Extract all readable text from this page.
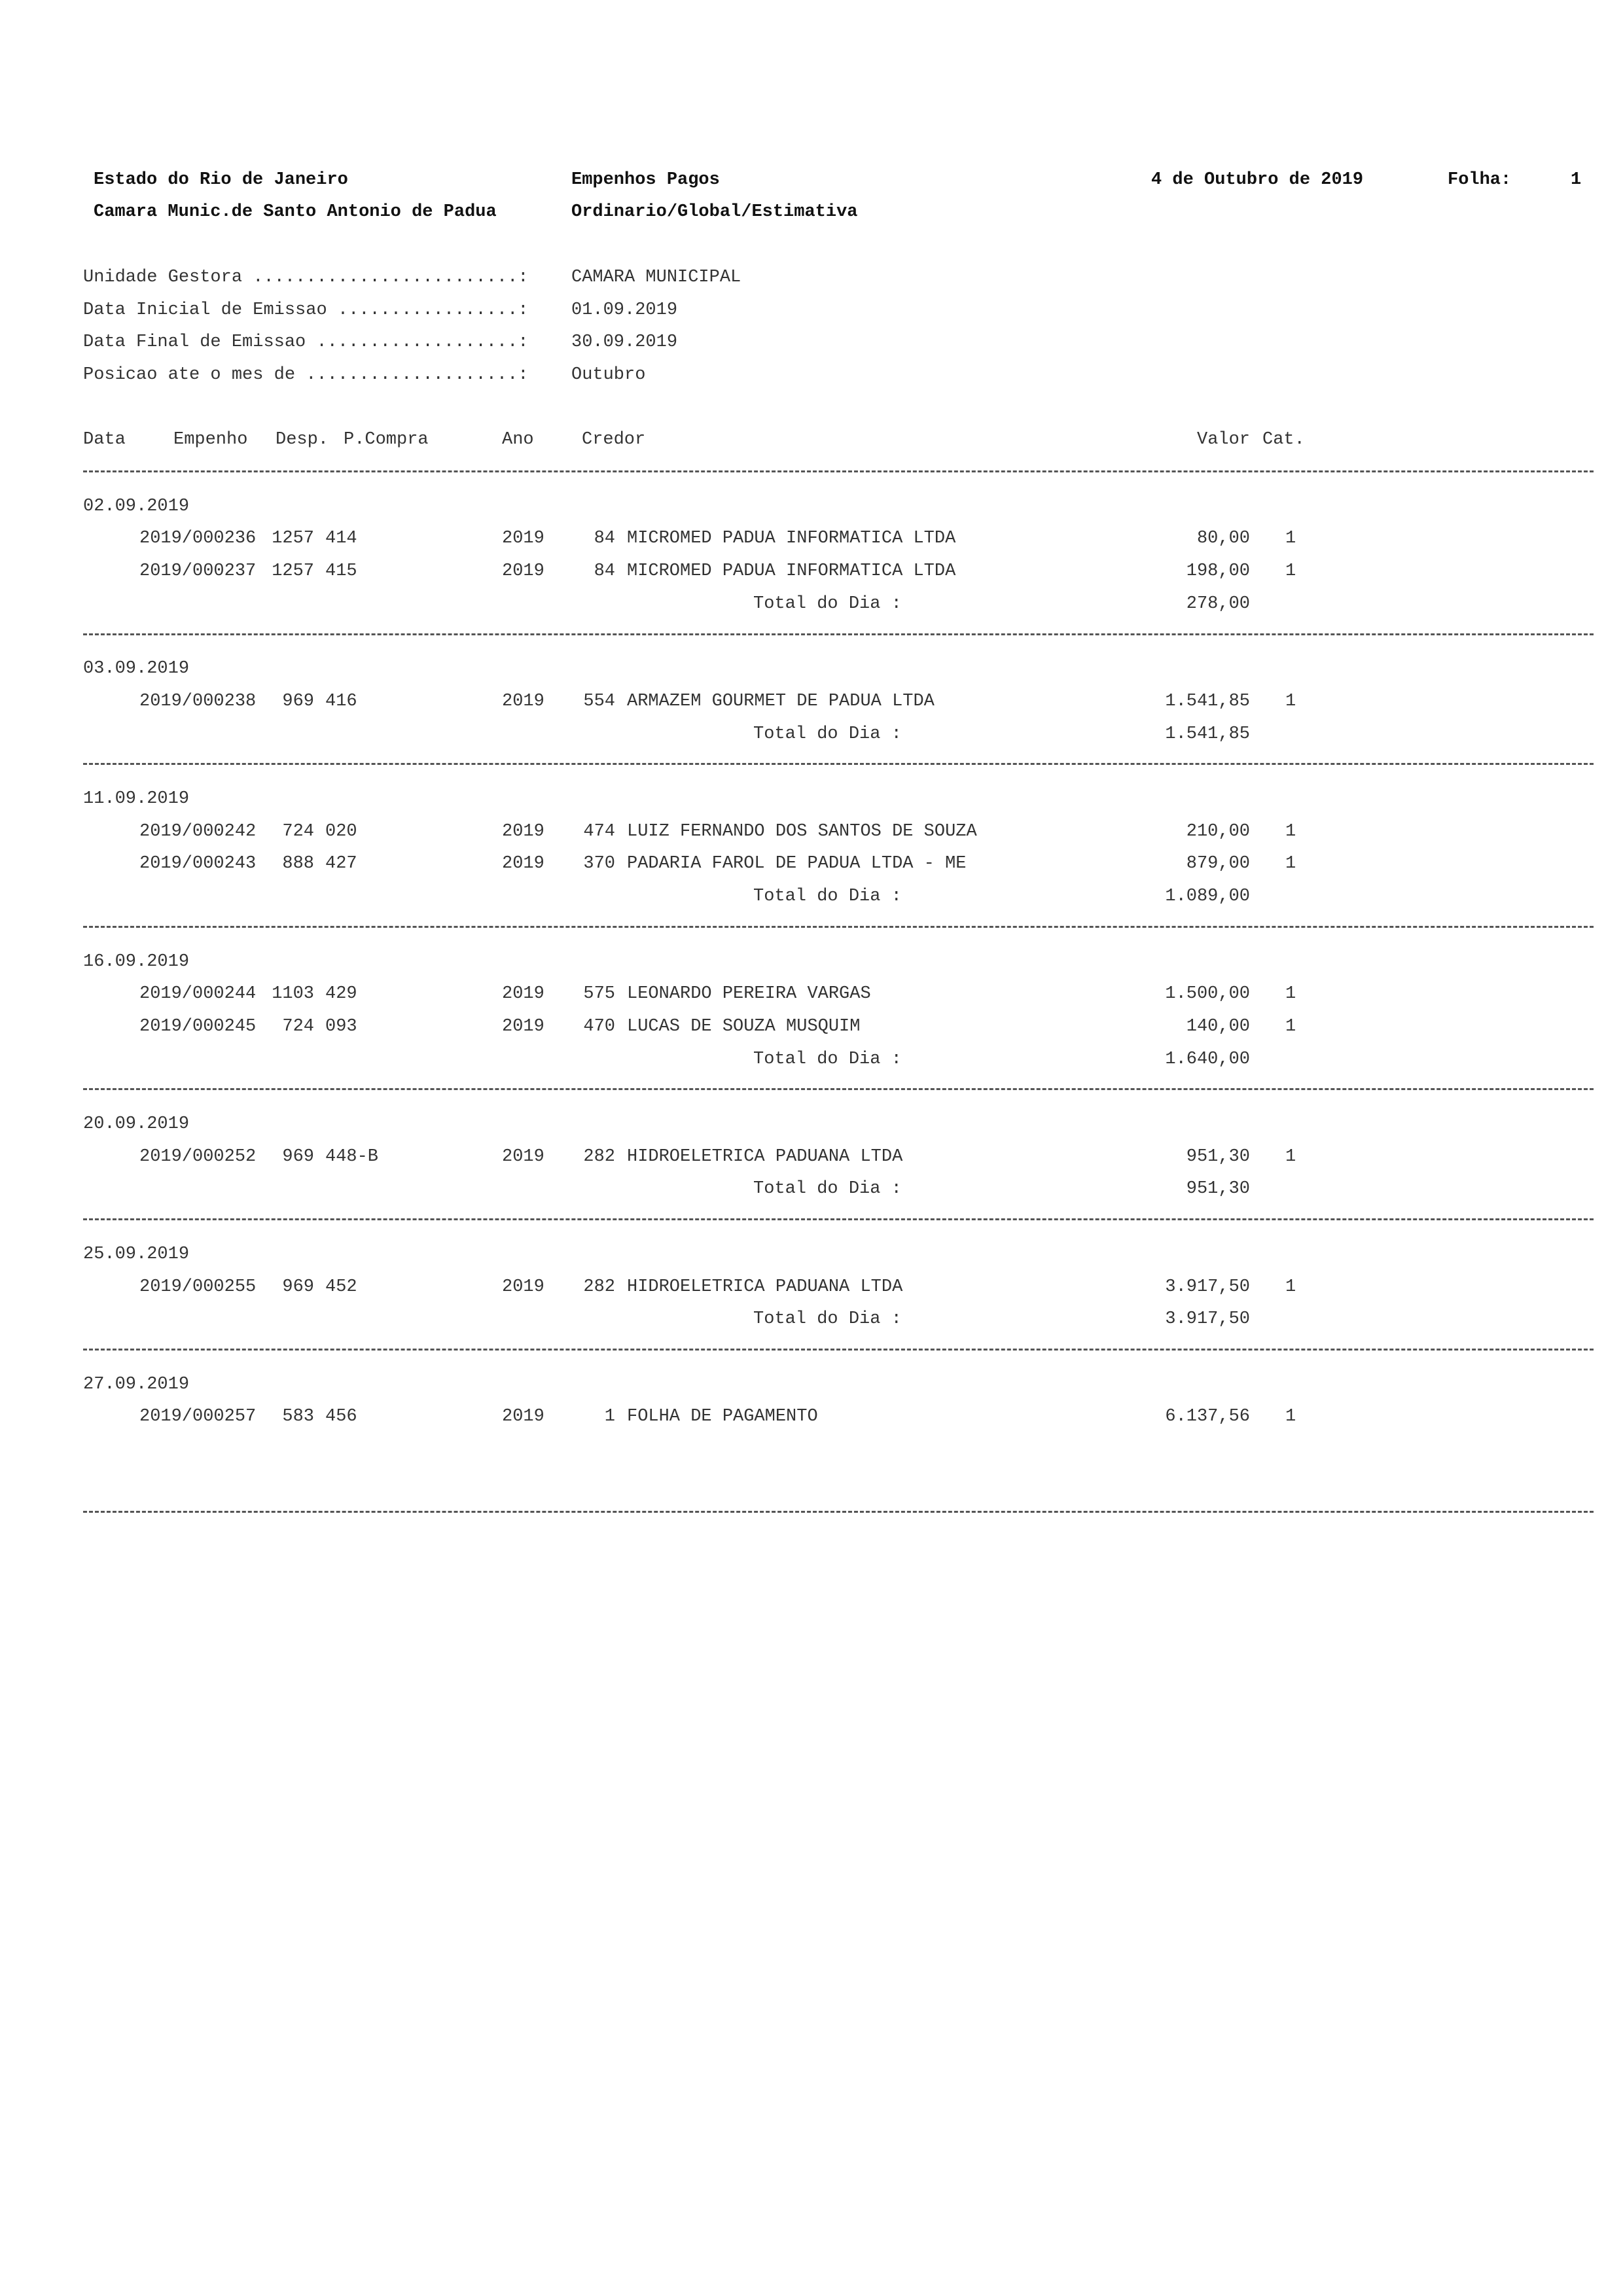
Estado do Rio de Janeiro
Camara Munic.de Santo Antonio de Padua
Empenhos Pagos
Ordinario/Global/Estimativa
4 de Outubro de 2019	Folha:	1
Unidade Gestora .........................: CAMARA MUNICIPAL
Data Inicial de Emissao .................: 01.09.2019
Data Final de Emissao ...................: 30.09.2019
Posicao ate o mes de ....................: Outubro
Data	Empenho Desp. P.Compra	Ano	Credor	Valor Cat.
02.09.2019
2019/000236 1257 414	2019	84 MICROMED PADUA INFORMATICA LTDA	80,00 1
2019/000237 1257 415	2019	84 MICROMED PADUA INFORMATICA LTDA	198,00 1
Total do Dia :	278,00
03.09.2019
2019/000238	969 416	2019	554 ARMAZEM GOURMET DE PADUA LTDA	1.541,85 1
Total do Dia :	1.541,85
11.09.2019
2019/000242	724 020	2019	474 LUIZ FERNANDO DOS SANTOS DE SOUZA	210,00 1
2019/000243	888 427	2019	370 PADARIA FAROL DE PADUA LTDA - ME	879,00 1
Total do Dia :	1.089,00
16.09.2019
2019/000244 1103 429	2019	575 LEONARDO PEREIRA VARGAS	1.500,00 1
2019/000245	724 093	2019	470 LUCAS DE SOUZA MUSQUIM	140,00 1
Total do Dia :	1.640,00
20.09.2019
2019/000252	969 448-B	2019	282 HIDROELETRICA PADUANA LTDA	951,30 1
Total do Dia :	951,30
25.09.2019
2019/000255	969 452	2019	282 HIDROELETRICA PADUANA LTDA	3.917,50 1
Total do Dia :	3.917,50
27.09.2019
2019/000257	583 456	2019	1 FOLHA DE PAGAMENTO	6.137,56 1
